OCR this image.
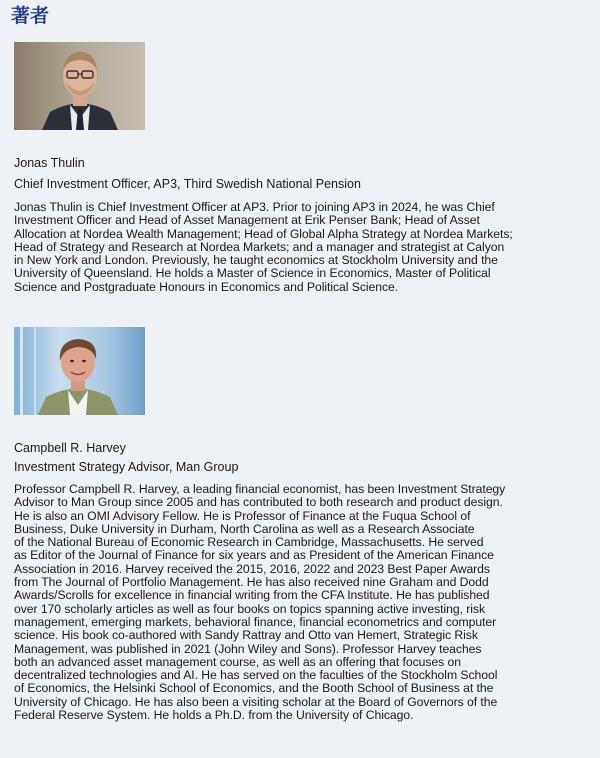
著者

Jonas Thulin

Chief Investment Officer, AP3, Third Swedish National Pension

Jonas Thulin is Chief Investment Officer at AP3. Prior to joining AP3 in 2024, he was Chief
Investment Officer and Head of Asset Management at Erik Penser Bank; Head of Asset
Allocation at Nordea Wealth Management; Head of Global Alpha Strategy at Nordea Markets;
Head of Strategy and Research at Nordea Markets; and a manager and strategist at Calyon
in New York and London. Previously, he taught economics at Stockholm University and the
University of Queensland. He holds a Master of Science in Economics, Master of Political
Science and Postgraduate Honours in Economics and Political Science.

Campbell R. Harvey

Investment Strategy Advisor, Man Group

Professor Campbell R. Harvey, a leading financial economist, has been Investment Strategy
Advisor to Man Group since 2005 and has contributed to both research and product design.
He is also an OMI Advisory Fellow. He is Professor of Finance at the Fuqua School of
Business, Duke University in Durham, North Carolina as well as a Research Associate
of the National Bureau of Economic Research in Cambridge, Massachusetts. He served
as Editor of the Journal of Finance for six years and as President of the American Finance
Association in 2016. Harvey received the 2015, 2016, 2022 and 2023 Best Paper Awards
from The Journal of Portfolio Management. He has also received nine Graham and Dodd
Awards/Scrolls for excellence in financial writing from the CFA Institute. He has published
over 170 scholarly articles as well as four books on topics spanning active investing, risk
management, emerging markets, behavioral finance, financial econometrics and computer
science. His book co-authored with Sandy Rattray and Otto van Hemert, Strategic Risk
Management, was published in 2021 (John Wiley and Sons). Professor Harvey teaches
both an advanced asset management course, as well as an offering that focuses on
decentralized technologies and AI. He has served on the faculties of the Stockholm School
of Economics, the Helsinki School of Economics, and the Booth School of Business at the
University of Chicago. He has also been a visiting scholar at the Board of Governors of the
Federal Reserve System. He holds a Ph.D. from the University of Chicago.
